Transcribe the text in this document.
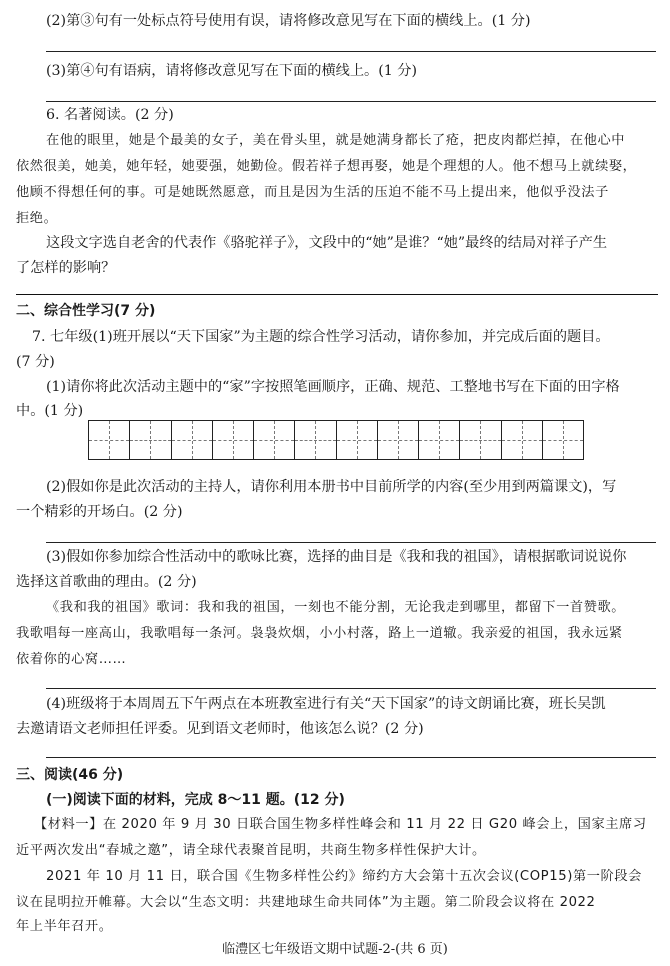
(2)第③句有一处标点符号使用有误，请将修改意见写在下面的横线上。(1 分)
(3)第④句有语病，请将修改意见写在下面的横线上。(1 分)
6. 名著阅读。(2 分)
在他的眼里，她是个最美的女子，美在骨头里，就是她满身都长了疮，把皮肉都烂掉，在他心中
依然很美，她美，她年轻，她要强，她勤俭。假若祥子想再娶，她是个理想的人。他不想马上就续娶，
他顾不得想任何的事。可是她既然愿意，而且是因为生活的压迫不能不马上提出来，他似乎没法子
拒绝。
这段文字选自老舍的代表作《骆驼祥子》，文段中的“她”是谁？“她”最终的结局对祥子产生
了怎样的影响？
二、综合性学习(7 分)
7. 七年级(1)班开展以“天下国家”为主题的综合性学习活动，请你参加，并完成后面的题目。
(7 分)
(1)请你将此次活动主题中的“家”字按照笔画顺序，正确、规范、工整地书写在下面的田字格
中。(1 分)
(2)假如你是此次活动的主持人，请你利用本册书中目前所学的内容(至少用到两篇课文)，写
一个精彩的开场白。(2 分)
(3)假如你参加综合性活动中的歌咏比赛，选择的曲目是《我和我的祖国》，请根据歌词说说你
选择这首歌曲的理由。(2 分)
《我和我的祖国》歌词：我和我的祖国，一刻也不能分割，无论我走到哪里，都留下一首赞歌。
我歌唱每一座高山，我歌唱每一条河。袅袅炊烟，小小村落，路上一道辙。我亲爱的祖国，我永远紧
依着你的心窝……
(4)班级将于本周周五下午两点在本班教室进行有关“天下国家”的诗文朗诵比赛，班长吴凯
去邀请语文老师担任评委。见到语文老师时，他该怎么说？(2 分)
三、阅读(46 分)
(一)阅读下面的材料，完成 8～11 题。(12 分)
【材料一】在 2020 年 9 月 30 日联合国生物多样性峰会和 11 月 22 日 G20 峰会上，国家主席习
近平两次发出“春城之邀”，请全球代表聚首昆明，共商生物多样性保护大计。
2021 年 10 月 11 日，联合国《生物多样性公约》缔约方大会第十五次会议(COP15)第一阶段会
议在昆明拉开帷幕。大会以“生态文明：共建地球生命共同体”为主题。第二阶段会议将在 2022
年上半年召开。
临澧区七年级语文期中试题-2-(共 6 页)
